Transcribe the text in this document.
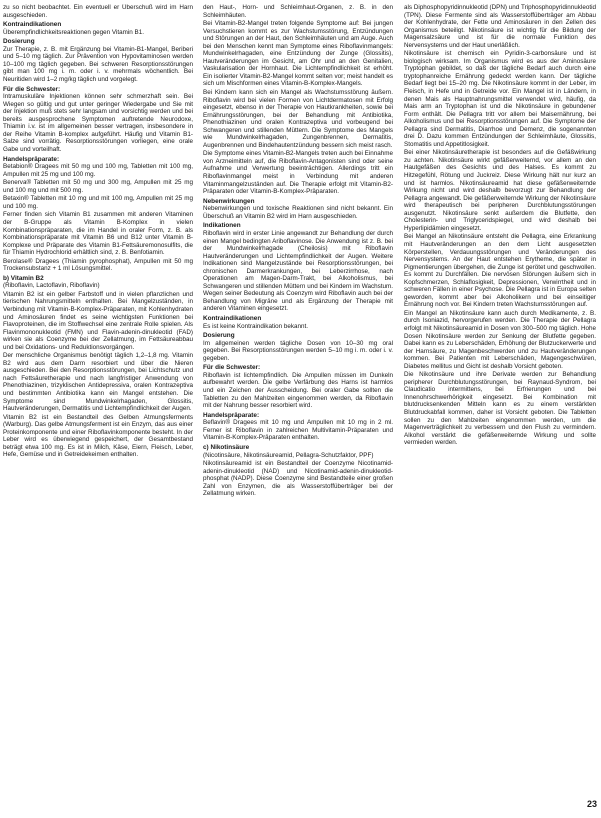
zu so nicht beobachtet. Ein eventuell er Überschuß wird im Harn ausgeschieden.

Kontraindikationen

Überempfindlichkeitsreaktionen gegen Vitamin B1.

Dosierung

Zur Therapie, z. B. mit Ergänzung bei Vitamin-B1-Mangel, Beriberi und 5–10 mg täglich. Zur Prävention von Hypovitaminosen werden 10–100 mg täglich gegeben. Bei schweren Resorptionsstörungen gibt man 100 mg i. m. oder i. v. mehrmals wöchentlich. Bei Neuritiden wird 1–2 mg/kg täglich und vorgelegt.

Für die Schwester:

Intramuskuläre Injektionen können sehr schmerzhaft sein. Bei Wiegen so gültig und gut unter geringer Wiedergabe und Sie mit der Injektion muß stets sehr langsam und vorsichtig werden und bei bereits ausgesprochene Symptomen auftretende Neurodoxe, Thiamin i.v. ist im allgemeinen besser vertragen, insbesondere in der Reihe Vitamin B-komplex aufgeführt. Häufig und Vitamin B1-Salze sind vorrätig. Resorptionsstörungen vorliegen, eine orale Gabe und vorteilhaft.

Handelspräparate:

Betabion® Dragees mit 50 mg und 100 mg, Tabletten mit 100 mg, Ampullen mit 25 mg und 100 mg.

Benerva® Tabletten mit 50 mg und 300 mg, Ampullen mit 25 mg und 100 mg und mit 500 mg.

Betaxin® Tabletten mit 10 mg und mit 100 mg, Ampullen mit 25 mg und 100 mg.

Ferner finden sich Vitamin B1 zusammen mit anderen Vitaminen der B-Gruppe als Vitamin B-Komplex in vielen Kombinationspräparaten, die im Handel in oraler Form, z. B. als Kombinationspräparate mit Vitamin B6 und B12 unter Vitamin B-Komplexe und Präparate des Vitamin B1-Fettsäuremonosulfits, die für Thiamin Hydrochlorid erhältlich sind, z. B. Benfotiamin.

Berolase® Dragees (Thiamin pyrophosphat), Ampullen mit 50 mg Trockensubstanz + 1 ml Lösungsmittel.

b) Vitamin B2

(Riboflavin, Lactoflavin, Riboflavin)

Vitamin B2 ist ein gelber Farbstoff und in vielen pflanzlichen und tierischen Nahrungsmitteln enthalten. Bei Mangelzuständen, in Verbindung mit Vitamin-B-Komplex-Präparaten, mit Kohlenhydraten und Aminosäuren findet es seine wichtigsten Funktionen bei Flavoproteinen, die im Stoffwechsel eine zentrale Rolle spielen. Als Flavinmononukleotid (FMN) und Flavin-adenin-dinukleotid (FAD) wirken sie als Coenzyme bei der Zellatmung, im Fettsäureabbau und bei Oxidations- und Reduktionsvorgängen.

Der menschliche Organismus benötigt täglich 1,2–1,8 mg. Vitamin B2 wird aus dem Darm resorbiert und über die Nieren ausgeschieden. Bei den Resorptionsstörungen, bei Lichtschutz und nach Fettsäuretherapie und nach langfristiger Anwendung von Phenothiazinen, trizyklischen Antidepressiva, oralen Kontrazeptiva und bestimmten Antibiotika kann ein Mangel entstehen. Die Symptome sind Mundwinkelrhagaden, Glossitis, Hautveränderungen, Dermatitis und Lichtempfindlichkeit der Augen.

Vitamin B2 ist ein Bestandteil des Gelben Atmungsferments (Warburg). Das gelbe Atmungsferment ist ein Enzym, das aus einer Proteinkomponente und einer Riboflavinkomponente besteht. In der Leber wird es überwiegend gespeichert, der Gesamtbestand beträgt etwa 100 mg. Es ist in Milch, Käse, Eiern, Fleisch, Leber, Hefe, Gemüse und in Getreidekeimen enthalten.

den Haut-, Horn- und Schleimhaut-Organen, z. B. in den Schleimhäuten.

Bei Vitamin-B2-Mangel treten folgende Symptome auf: Bei jungen Versuchstieren kommt es zur Wachstumsstörung, Entzündungen und Störungen an der Haut, den Schleimhäuten und am Auge. Auch bei den Menschen kennt man Symptome eines Riboflavinmangels: Mundwinkelrhagaden, eine Entzündung der Zunge (Glossitis), Hautveränderungen im Gesicht, am Ohr und an den Genitalien, Vaskularisation der Hornhaut. Die Lichtempfindlichkeit ist erhöht. Ein isolierter Vitamin-B2-Mangel kommt selten vor; meist handelt es sich um Mischformen eines Vitamin-B-Komplex-Mangels.

Bei Kindern kann sich ein Mangel als Wachstumsstörung äußern. Riboflavin wird bei vielen Formen von Lichtdermatosen mit Erfolg eingesetzt, ebenso in der Therapie von Hautkrankheiten, sowie bei Ernährungsstörungen, bei der Behandlung mit Antibiotika, Phenothiazinen und oralen Kontrazeptiva und vorbeugend bei Schwangeren und stillenden Müttern. Die Symptome des Mangels wie Mundwinkelrhagaden, Zungenbrennen, Dermatitis, Augenbrennen und Bindehautentzündung bessern sich meist rasch.

Die Symptome eines Vitamin-B2-Mangels treten auch bei Einnahme von Arzneimitteln auf, die Riboflavin-Antagonisten sind oder seine Aufnahme und Verwertung beeinträchtigen. Allerdings tritt ein Riboflavinmangel meist in Verbindung mit anderen Vitaminmangelzuständen auf. Die Therapie erfolgt mit Vitamin-B2-Präparaten oder Vitamin-B-Komplex-Präparaten.

Nebenwirkungen

Nebenwirkungen und toxische Reaktionen sind nicht bekannt. Ein Überschuß an Vitamin B2 wird im Harn ausgeschieden.

Indikationen

Riboflavin wird in erster Linie angewandt zur Behandlung der durch einen Mangel bedingten Ariboflavinose. Die Anwendung ist z. B. bei der Mundwinkelrhagade (Cheilosis) mit Riboflavin Hautveränderungen und Lichtempfindlichkeit der Augen. Weitere Indikationen sind Mangelzustände bei Resorptionsstörungen, bei chronischen Darmerkrankungen, bei Leberzirrhose, nach Operationen am Magen-Darm-Trakt, bei Alkoholismus, bei Schwangeren und stillenden Müttern und bei Kindern im Wachstum. Wegen seiner Bedeutung als Coenzym wird Riboflavin auch bei der Behandlung von Migräne und als Ergänzung der Therapie mit anderen Vitaminen eingesetzt.

Kontraindikationen

Es ist keine Kontraindikation bekannt.

Dosierung

Im allgemeinen werden tägliche Dosen von 10–30 mg oral gegeben. Bei Resorptionsstörungen werden 5–10 mg i. m. oder i. v. gegeben.

Für die Schwester:

Riboflavin ist lichtempfindlich. Die Ampullen müssen im Dunkeln aufbewahrt werden. Die gelbe Verfärbung des Harns ist harmlos und ein Zeichen der Ausscheidung. Bei oraler Gabe sollten die Tabletten zu den Mahlzeiten eingenommen werden, da Riboflavin mit der Nahrung besser resorbiert wird.

Handelspräparate:

Beflavin® Dragees mit 10 mg und Ampullen mit 10 mg in 2 ml. Ferner ist Riboflavin in zahlreichen Multivitamin-Präparaten und Vitamin-B-Komplex-Präparaten enthalten.

c) Nikotinsäure

(Nicotinsäure, Nikotinsäureamid, Pellagra-Schutzfaktor, PPF)

Nikotinsäureamid ist ein Bestandteil der Coenzyme Nicotinamid-adenin-dinukleotid (NAD) und Nicotinamid-adenin-dinukleotid-phosphat (NADP). Diese Coenzyme sind Bestandteile einer großen Zahl von Enzymen, die als Wasserstoffüberträger bei der Zellatmung wirken.

als Diphosphopyridinnukleotid (DPN) und Triphosphopyridinnukleotid (TPN). Diese Fermente sind als Wasserstoffüberträger am Abbau der Kohlenhydrate, der Fette und Aminosäuren in den Zellen des Organismus beteiligt. Nikotinsäure ist wichtig für die Bildung der Magensalzsäure und ist für die normale Funktion des Nervensystems und der Haut unerläßlich.

Nikotinsäure ist chemisch ein Pyridin-3-carbonsäure und ist biologisch wirksam. Im Organismus wird es aus der Aminosäure Tryptophan gebildet, so daß der tägliche Bedarf auch durch eine tryptophanreiche Ernährung gedeckt werden kann. Der tägliche Bedarf liegt bei 15–20 mg. Die Nikotinsäure kommt in der Leber, im Fleisch, in Hefe und in Getreide vor. Ein Mangel ist in Ländern, in denen Mais als Hauptnahrungsmittel verwendet wird, häufig, da Mais arm an Tryptophan ist und die Nikotinsäure in gebundener Form enthält. Die Pellagra tritt vor allem bei Maisernährung, bei Alkoholismus und bei Resorptionsstörungen auf. Die Symptome der Pellagra sind Dermatitis, Diarrhoe und Demenz, die sogenannten drei D. Dazu kommen Entzündungen der Schleimhäute, Glossitis, Stomatitis und Appetitlosigkeit.

Bei einer Nikotinsäuretherapie ist besonders auf die Gefäßwirkung zu achten. Nikotinsäure wirkt gefäßerweiternd, vor allem an den Hautgefäßen des Gesichts und des Halses. Es kommt zu Hitzegefühl, Rötung und Juckreiz. Diese Wirkung hält nur kurz an und ist harmlos. Nikotinsäureamid hat diese gefäßerweiternde Wirkung nicht und wird deshalb bevorzugt zur Behandlung der Pellagra angewandt. Die gefäßerweiternde Wirkung der Nikotinsäure wird therapeutisch bei peripheren Durchblutungsstörungen ausgenutzt. Nikotinsäure senkt außerdem die Blutfette, den Cholesterin- und Triglyceridspiegel, und wird deshalb bei Hyperlipidämien eingesetzt.

Bei Mangel an Nikotinsäure entsteht die Pellagra, eine Erkrankung mit Hautveränderungen an den dem Licht ausgesetzten Körperstellen, Verdauungsstörungen und Veränderungen des Nervensystems. An der Haut entstehen Erytheme, die später in Pigmentierungen übergehen, die Zunge ist gerötet und geschwollen. Es kommt zu Durchfällen. Die nervösen Störungen äußern sich in Kopfschmerzen, Schlaflosigkeit, Depressionen, Verwirrtheit und in schweren Fällen in einer Psychose. Die Pellagra ist in Europa selten geworden, kommt aber bei Alkoholikern und bei einseitiger Ernährung noch vor. Bei Kindern treten Wachstumsstörungen auf.

Ein Mangel an Nikotinsäure kann auch durch Medikamente, z. B. durch Isoniazid, hervorgerufen werden. Die Therapie der Pellagra erfolgt mit Nikotinsäureamid in Dosen von 300–500 mg täglich. Hohe Dosen Nikotinsäure werden zur Senkung der Blutfette gegeben. Dabei kann es zu Leberschäden, Erhöhung der Blutzuckerwerte und der Harnsäure, zu Magenbeschwerden und zu Hautveränderungen kommen. Bei Patienten mit Leberschäden, Magengeschwüren, Diabetes mellitus und Gicht ist deshalb Vorsicht geboten.

Die Nikotinsäure und ihre Derivate werden zur Behandlung peripherer Durchblutungsstörungen, bei Raynaud-Syndrom, bei Claudicatio intermittens, bei Erfrierungen und bei Innenohrschwerhörigkeit eingesetzt. Bei Kombination mit blutdrucksenkenden Mitteln kann es zu einem verstärkten Blutdruckabfall kommen, daher ist Vorsicht geboten. Die Tabletten sollen zu den Mahlzeiten eingenommen werden, um die Magenverträglichkeit zu verbessern und den Flush zu vermindern. Alkohol verstärkt die gefäßerweiternde Wirkung und sollte vermieden werden.

23
